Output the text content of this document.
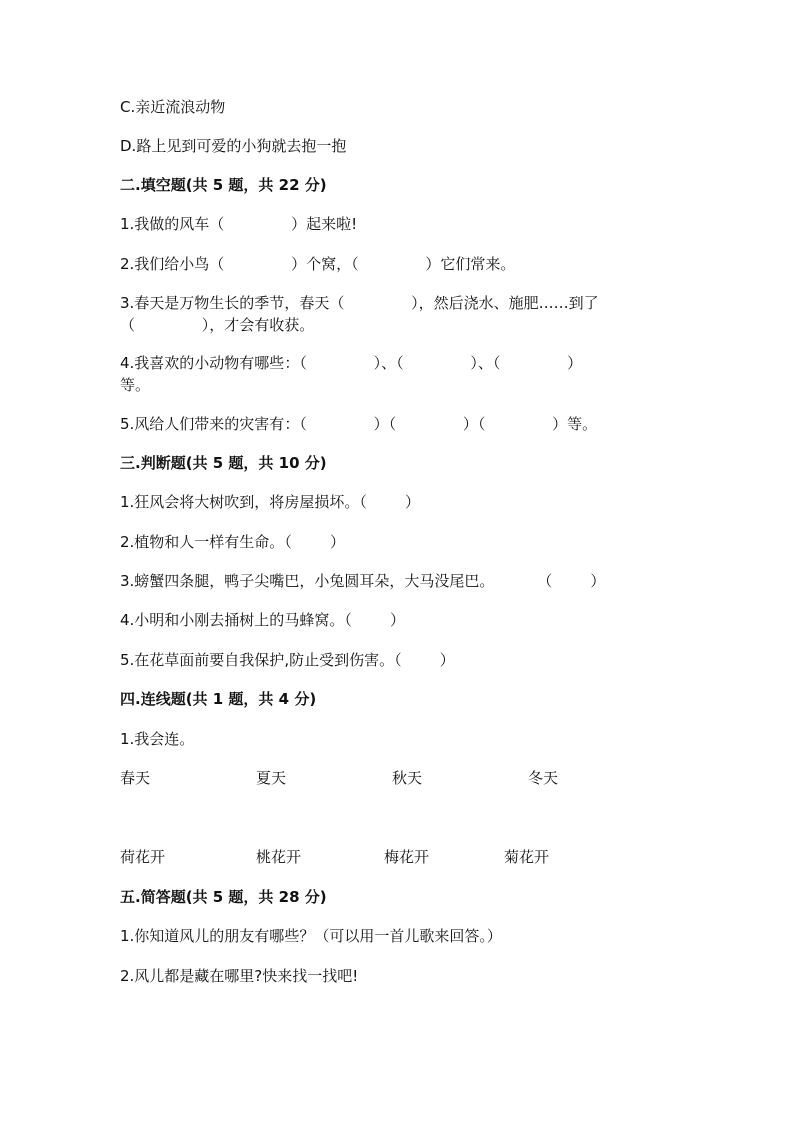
C.亲近流浪动物

D.路上见到可爱的小狗就去抱一抱

二.填空题(共 5 题，共 22 分)

1.我做的风车（              ）起来啦!

2.我们给小鸟（              ）个窝，（              ）它们常来。

3.春天是万物生长的季节，春天（              ），然后浇水、施肥……到了

（              ），才会有收获。

4.我喜欢的小动物有哪些：（              ）、（              ）、（              ）

等。

5.风给人们带来的灾害有：（              ）（              ）（              ）等。

三.判断题(共 5 题，共 10 分)

1.狂风会将大树吹到，将房屋损坏。（        ）

2.植物和人一样有生命。（        ）

3.螃蟹四条腿，鸭子尖嘴巴，小兔圆耳朵，大马没尾巴。         （        ）

4.小明和小刚去捅树上的马蜂窝。（        ）

5.在花草面前要自我保护,防止受到伤害。（        ）

四.连线题(共 1 题，共 4 分)

1.我会连。

春天	夏天	秋天	冬天
荷花开	桃花开	梅花开	菊花开

五.简答题(共 5 题，共 28 分)

1.你知道风儿的朋友有哪些？（可以用一首儿歌来回答。）

2.风儿都是藏在哪里?快来找一找吧!
